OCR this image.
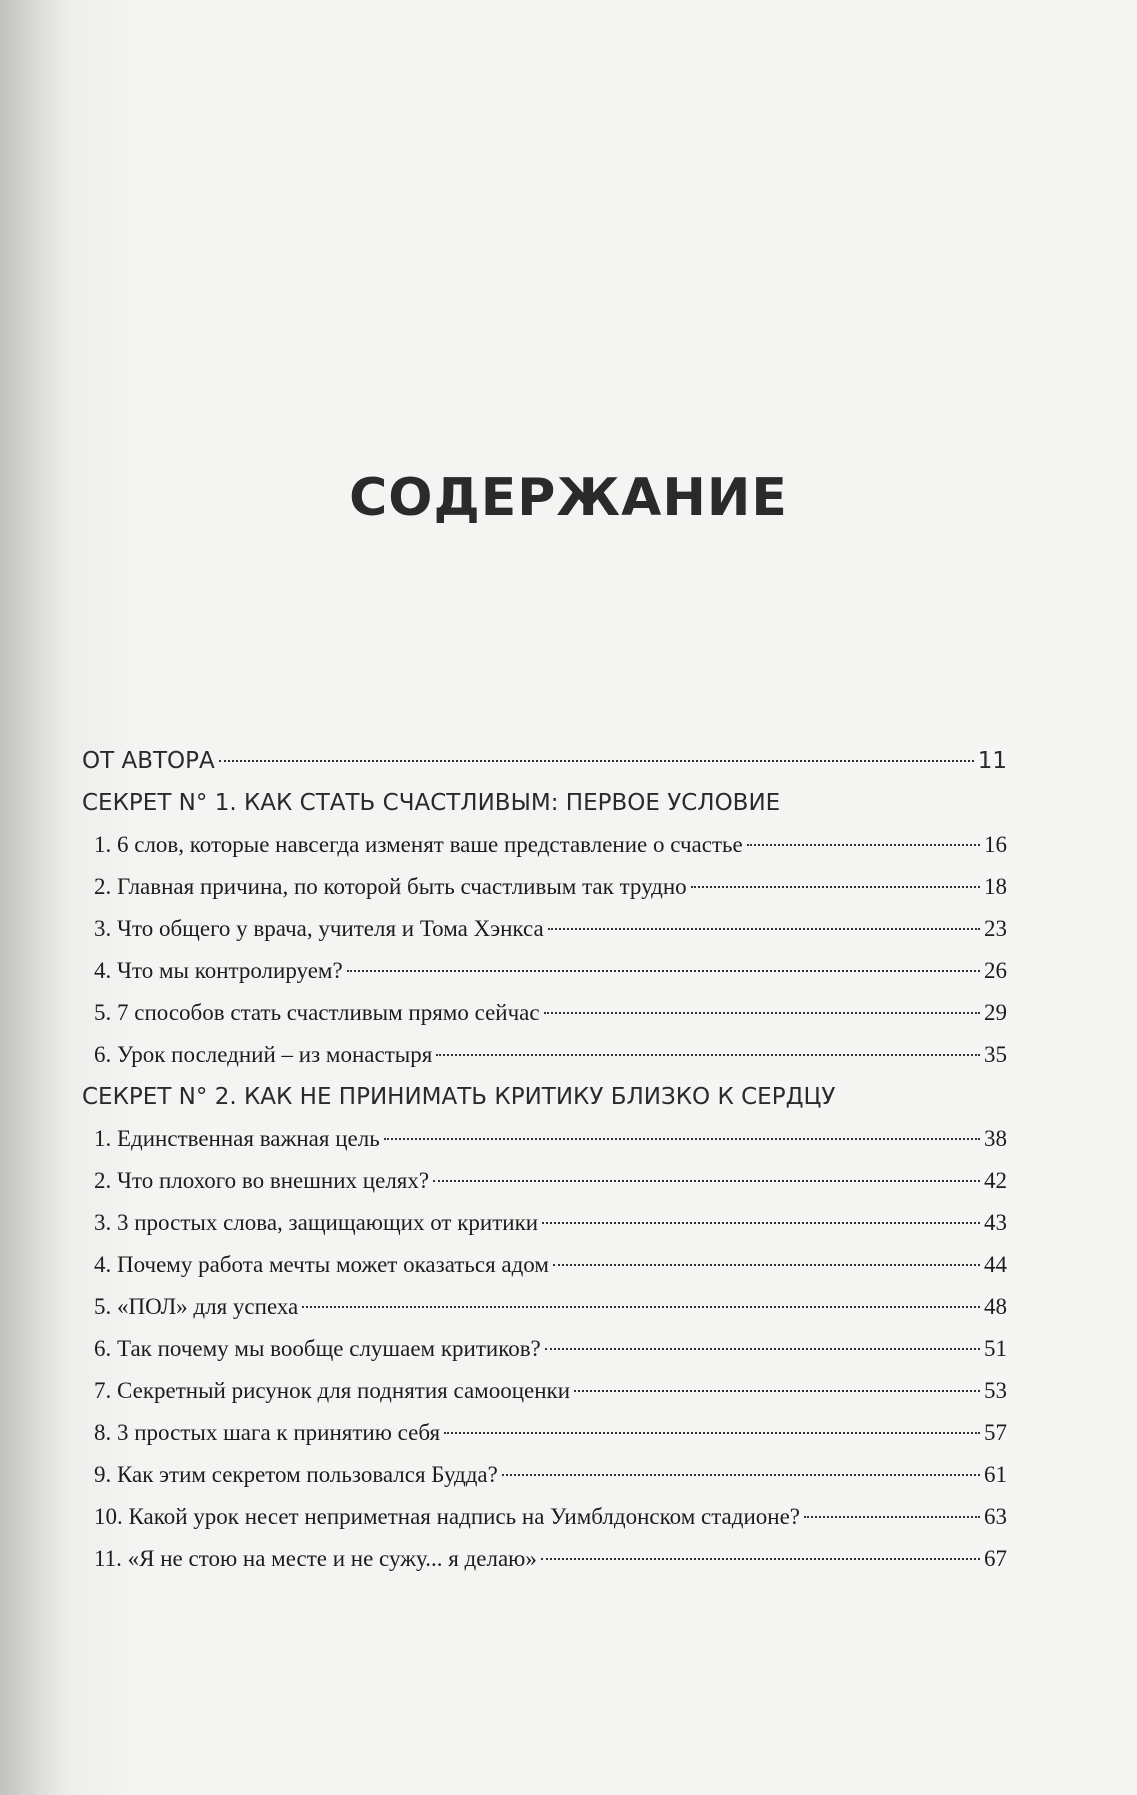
СОДЕРЖАНИЕ
ОТ АВТОРА	11
СЕКРЕТ N° 1. КАК СТАТЬ СЧАСТЛИВЫМ: ПЕРВОЕ УСЛОВИЕ
1. 6 слов, которые навсегда изменят ваше представление о счастье	16
2. Главная причина, по которой быть счастливым так трудно	18
3. Что общего у врача, учителя и Тома Хэнкса	23
4. Что мы контролируем?	26
5. 7 способов стать счастливым прямо сейчас	29
6. Урок последний – из монастыря	35
СЕКРЕТ N° 2. КАК НЕ ПРИНИМАТЬ КРИТИКУ БЛИЗКО К СЕРДЦУ
1. Единственная важная цель	38
2. Что плохого во внешних целях?	42
3. 3 простых слова, защищающих от критики	43
4. Почему работа мечты может оказаться адом	44
5. «ПОЛ» для успеха	48
6. Так почему мы вообще слушаем критиков?	51
7. Секретный рисунок для поднятия самооценки	53
8. 3 простых шага к принятию себя	57
9. Как этим секретом пользовался Будда?	61
10. Какой урок несет неприметная надпись на Уимблдонском стадионе?	63
11. «Я не стою на месте и не сужу... я делаю»	67
